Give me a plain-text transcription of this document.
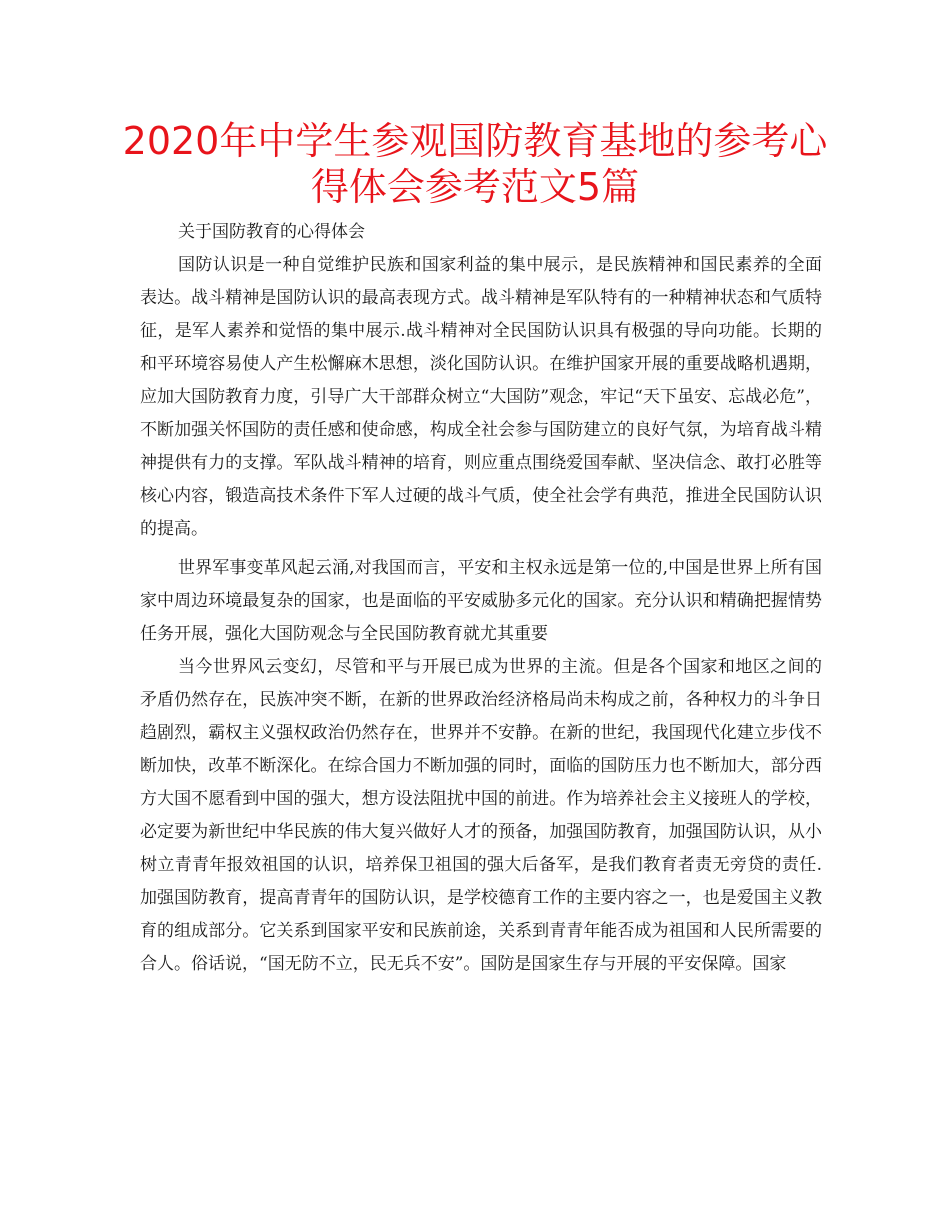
2020年中学生参观国防教育基地的参考心得体会参考范文5篇

关于国防教育的心得体会

国防认识是一种自觉维护民族和国家利益的集中展示，是民族精神和国民素养的全面表达。战斗精神是国防认识的最高表现方式。战斗精神是军队特有的一种精神状态和气质特征，是军人素养和觉悟的集中展示.战斗精神对全民国防认识具有极强的导向功能。长期的和平环境容易使人产生松懈麻木思想，淡化国防认识。在维护国家开展的重要战略机遇期，应加大国防教育力度，引导广大干部群众树立“大国防”观念，牢记“天下虽安、忘战必危”，不断加强关怀国防的责任感和使命感，构成全社会参与国防建立的良好气氛，为培育战斗精神提供有力的支撑。军队战斗精神的培育，则应重点围绕爱国奉献、坚决信念、敢打必胜等核心内容，锻造高技术条件下军人过硬的战斗气质，使全社会学有典范，推进全民国防认识的提高。

世界军事变革风起云涌,对我国而言，平安和主权永远是第一位的,中国是世界上所有国家中周边环境最复杂的国家，也是面临的平安威胁多元化的国家。充分认识和精确把握情势任务开展，强化大国防观念与全民国防教育就尤其重要

当今世界风云变幻，尽管和平与开展已成为世界的主流。但是各个国家和地区之间的矛盾仍然存在，民族冲突不断，在新的世界政治经济格局尚未构成之前，各种权力的斗争日趋剧烈，霸权主义强权政治仍然存在，世界并不安静。在新的世纪，我国现代化建立步伐不断加快，改革不断深化。在综合国力不断加强的同时，面临的国防压力也不断加大，部分西方大国不愿看到中国的强大，想方设法阻扰中国的前进。作为培养社会主义接班人的学校，必定要为新世纪中华民族的伟大复兴做好人才的预备，加强国防教育，加强国防认识，从小树立青青年报效祖国的认识，培养保卫祖国的强大后备军，是我们教育者责无旁贷的责任.加强国防教育，提高青青年的国防认识，是学校德育工作的主要内容之一，也是爱国主义教育的组成部分。它关系到国家平安和民族前途，关系到青青年能否成为祖国和人民所需要的合人。俗话说，“国无防不立，民无兵不安”。国防是国家生存与开展的平安保障。国家
